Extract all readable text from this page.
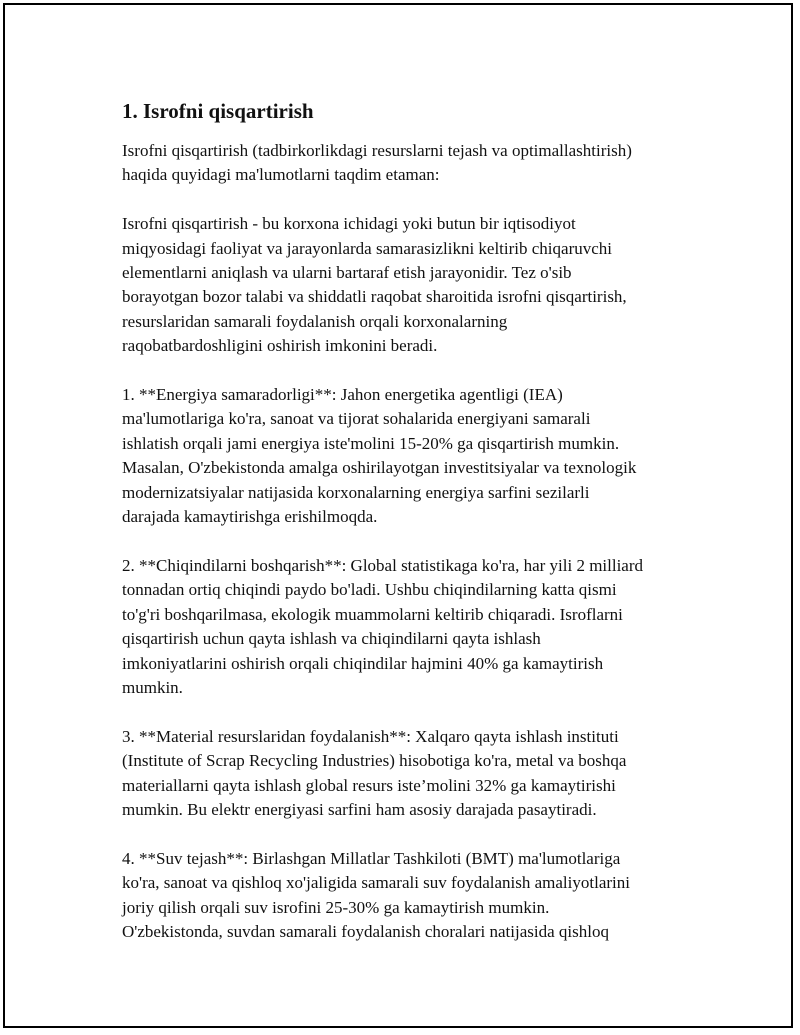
1. Isrofni qisqartirish

Isrofni qisqartirish (tadbirkorlikdagi resurslarni tejash va optimallashtirish)
haqida quyidagi ma'lumotlarni taqdim etaman:

Isrofni qisqartirish - bu korxona ichidagi yoki butun bir iqtisodiyot
miqyosidagi faoliyat va jarayonlarda samarasizlikni keltirib chiqaruvchi
elementlarni aniqlash va ularni bartaraf etish jarayonidir. Tez o'sib
borayotgan bozor talabi va shiddatli raqobat sharoitida isrofni qisqartirish,
resurslaridan samarali foydalanish orqali korxonalarning
raqobatbardoshligini oshirish imkonini beradi.

1. **Energiya samaradorligi**: Jahon energetika agentligi (IEA)
ma'lumotlariga ko'ra, sanoat va tijorat sohalarida energiyani samarali
ishlatish orqali jami energiya iste'molini 15-20% ga qisqartirish mumkin.
Masalan, O'zbekistonda amalga oshirilayotgan investitsiyalar va texnologik
modernizatsiyalar natijasida korxonalarning energiya sarfini sezilarli
darajada kamaytirishga erishilmoqda.

2. **Chiqindilarni boshqarish**: Global statistikaga ko'ra, har yili 2 milliard
tonnadan ortiq chiqindi paydo bo'ladi. Ushbu chiqindilarning katta qismi
to'g'ri boshqarilmasa, ekologik muammolarni keltirib chiqaradi. Isroflarni
qisqartirish uchun qayta ishlash va chiqindilarni qayta ishlash
imkoniyatlarini oshirish orqali chiqindilar hajmini 40% ga kamaytirish
mumkin.

3. **Material resurslaridan foydalanish**: Xalqaro qayta ishlash instituti
(Institute of Scrap Recycling Industries) hisobotiga ko'ra, metal va boshqa
materiallarni qayta ishlash global resurs iste’molini 32% ga kamaytirishi
mumkin. Bu elektr energiyasi sarfini ham asosiy darajada pasaytiradi.

4. **Suv tejash**: Birlashgan Millatlar Tashkiloti (BMT) ma'lumotlariga
ko'ra, sanoat va qishloq xo'jaligida samarali suv foydalanish amaliyotlarini
joriy qilish orqali suv isrofini 25-30% ga kamaytirish mumkin.
O'zbekistonda, suvdan samarali foydalanish choralari natijasida qishloq
